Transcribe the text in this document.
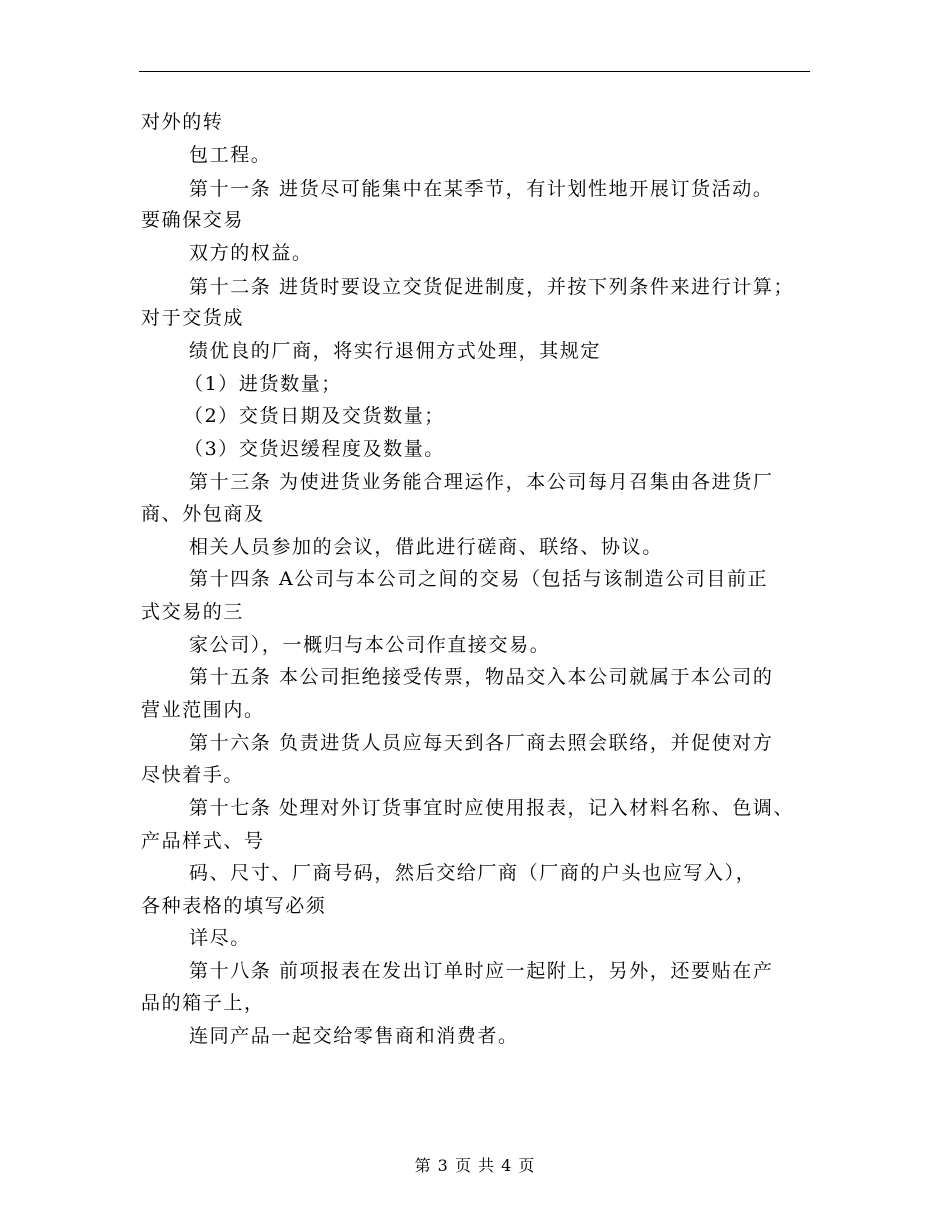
对外的转
包工程。
第十一条 进货尽可能集中在某季节，有计划性地开展订货活动。
要确保交易
双方的权益。
第十二条 进货时要设立交货促进制度，并按下列条件来进行计算；
对于交货成
绩优良的厂商，将实行退佣方式处理，其规定
（1）进货数量；
（2）交货日期及交货数量；
（3）交货迟缓程度及数量。
第十三条 为使进货业务能合理运作，本公司每月召集由各进货厂
商、外包商及
相关人员参加的会议，借此进行磋商、联络、协议。
第十四条 A公司与本公司之间的交易（包括与该制造公司目前正
式交易的三
家公司），一概归与本公司作直接交易。
第十五条 本公司拒绝接受传票，物品交入本公司就属于本公司的
营业范围内。
第十六条 负责进货人员应每天到各厂商去照会联络，并促使对方
尽快着手。
第十七条 处理对外订货事宜时应使用报表，记入材料名称、色调、
产品样式、号
码、尺寸、厂商号码，然后交给厂商（厂商的户头也应写入），
各种表格的填写必须
详尽。
第十八条 前项报表在发出订单时应一起附上，另外，还要贴在产
品的箱子上，
连同产品一起交给零售商和消费者。
第 3 页 共 4 页
